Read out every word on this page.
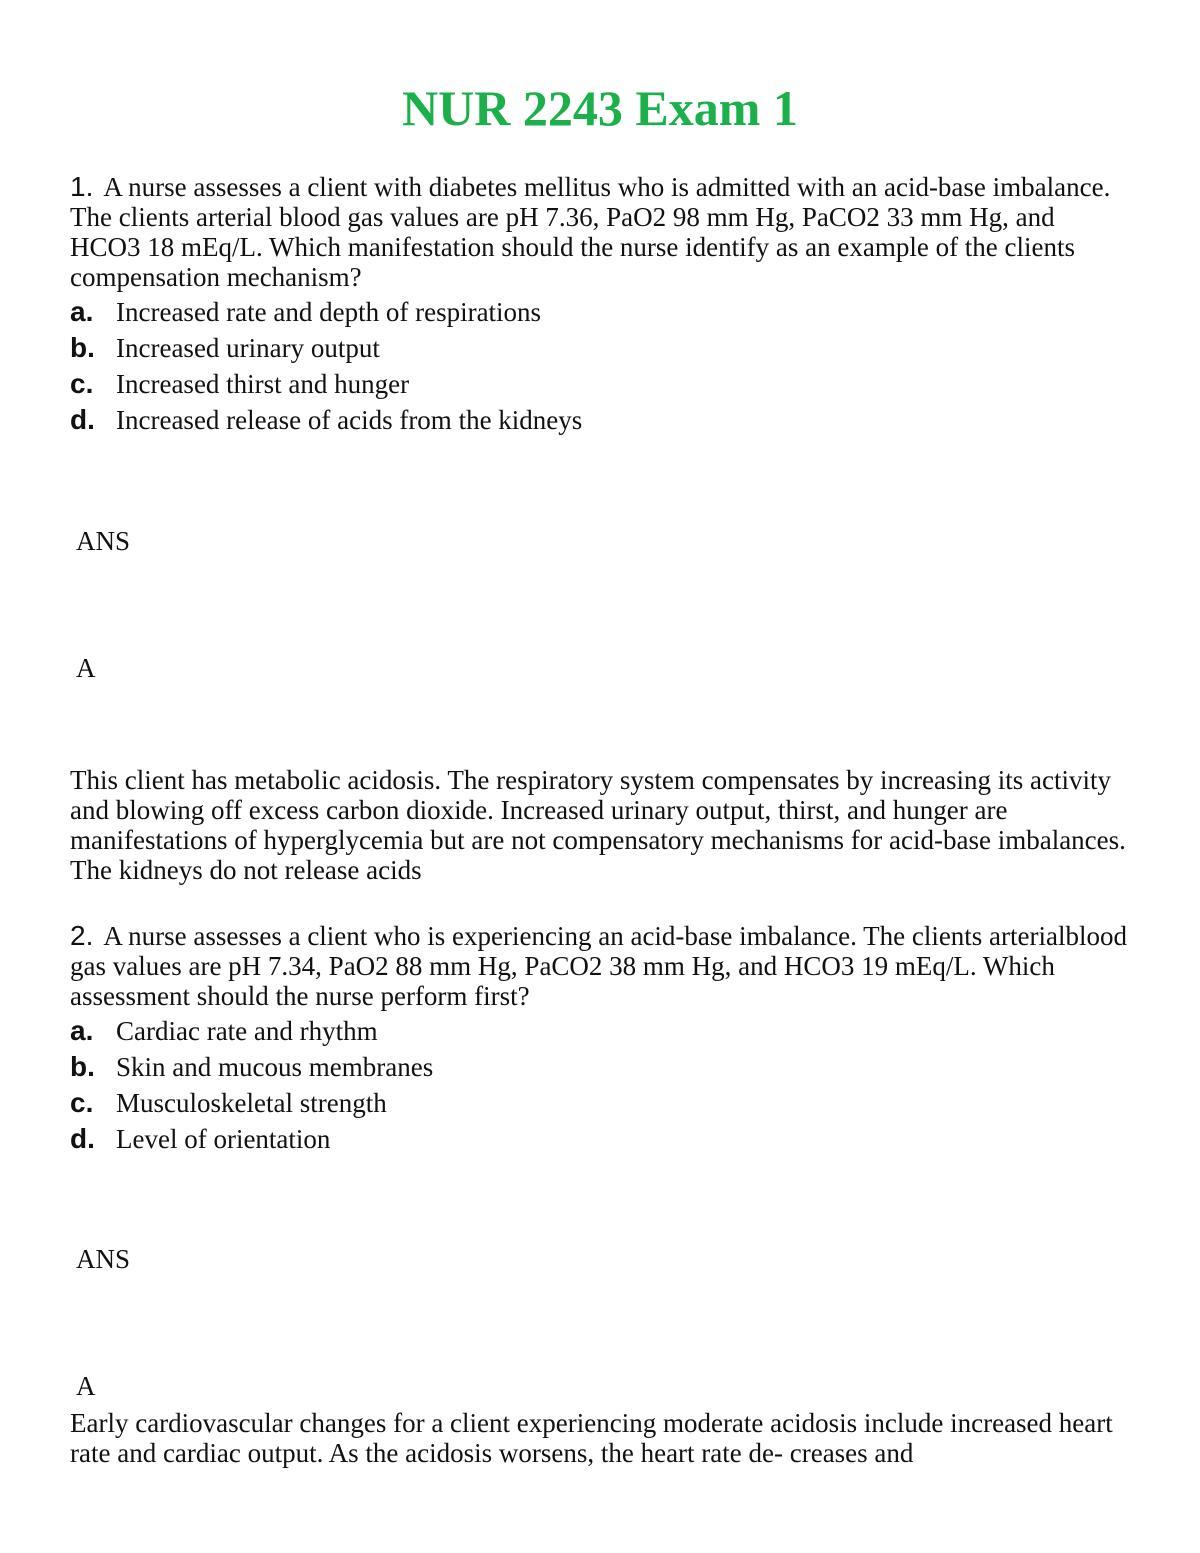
NUR 2243 Exam 1

1. A nurse assesses a client with diabetes mellitus who is admitted with an acid-base imbalance. The clients arterial blood gas values are pH 7.36, PaO2 98 mm Hg, PaCO2 33 mm Hg, and HCO3 18 mEq/L. Which manifestation should the nurse identify as an example of the clients compensation mechanism?

a. Increased rate and depth of respirations

b. Increased urinary output

c. Increased thirst and hunger

d. Increased release of acids from the kidneys

ANS

A

This client has metabolic acidosis. The respiratory system compensates by increasing its activity and blowing off excess carbon dioxide. Increased urinary output, thirst, and hunger are manifestations of hyperglycemia but are not compensatory mechanisms for acid-base imbalances. The kidneys do not release acids

2. A nurse assesses a client who is experiencing an acid-base imbalance. The clients arterialblood gas values are pH 7.34, PaO2 88 mm Hg, PaCO2 38 mm Hg, and HCO3 19 mEq/L. Which assessment should the nurse perform first?

a. Cardiac rate and rhythm

b. Skin and mucous membranes

c. Musculoskeletal strength

d. Level of orientation

ANS

A

Early cardiovascular changes for a client experiencing moderate acidosis include increased heart rate and cardiac output. As the acidosis worsens, the heart rate de- creases and
